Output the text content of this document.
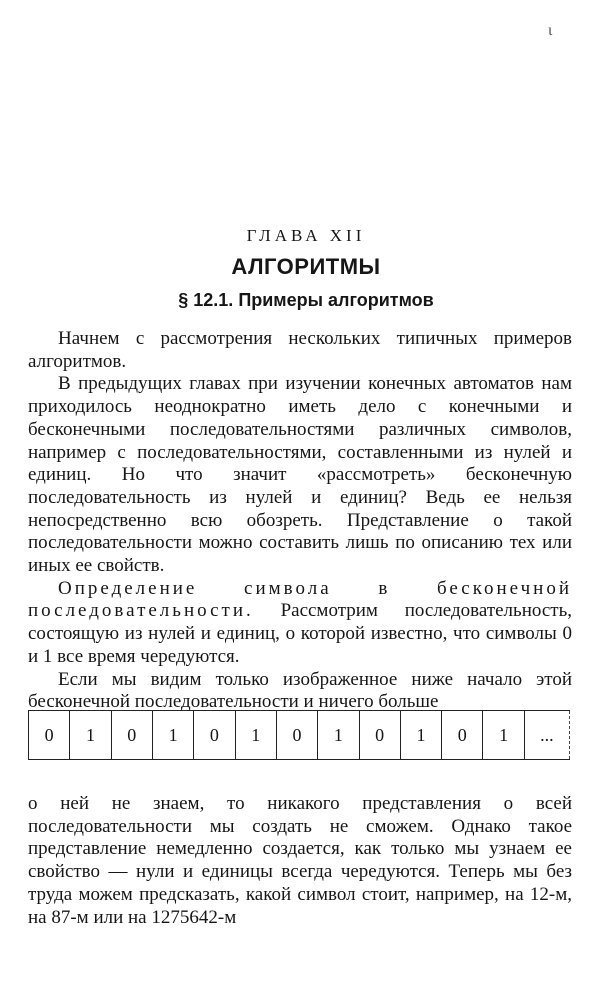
ι
ГЛАВА XII
АЛГОРИТМЫ
§ 12.1. Примеры алгоритмов

Начнем с рассмотрения нескольких типичных примеров алгоритмов.

В предыдущих главах при изучении конечных автоматов нам приходилось неоднократно иметь дело с конечными и бесконечными последовательностями различных символов, например с последовательностями, составленными из нулей и единиц. Но что значит «рассмотреть» бесконечную последовательность из нулей и единиц? Ведь ее нельзя непосредственно всю обозреть. Представление о такой последовательности можно составить лишь по описанию тех или иных ее свойств.

Определение символа в бесконечной последовательности. Рассмотрим последовательность, состоящую из нулей и единиц, о которой известно, что символы 0 и 1 все время чередуются.

Если мы видим только изображенное ниже начало этой бесконечной последовательности и ничего больше

0	1	0	1	0	1	0	1	0	1	0	1	...

о ней не знаем, то никакого представления о всей последовательности мы создать не сможем. Однако такое представление немедленно создается, как только мы узнаем ее свойство — нули и единицы всегда чередуются. Теперь мы без труда можем предсказать, какой символ стоит, например, на 12-м, на 87-м или на 1275642-м
